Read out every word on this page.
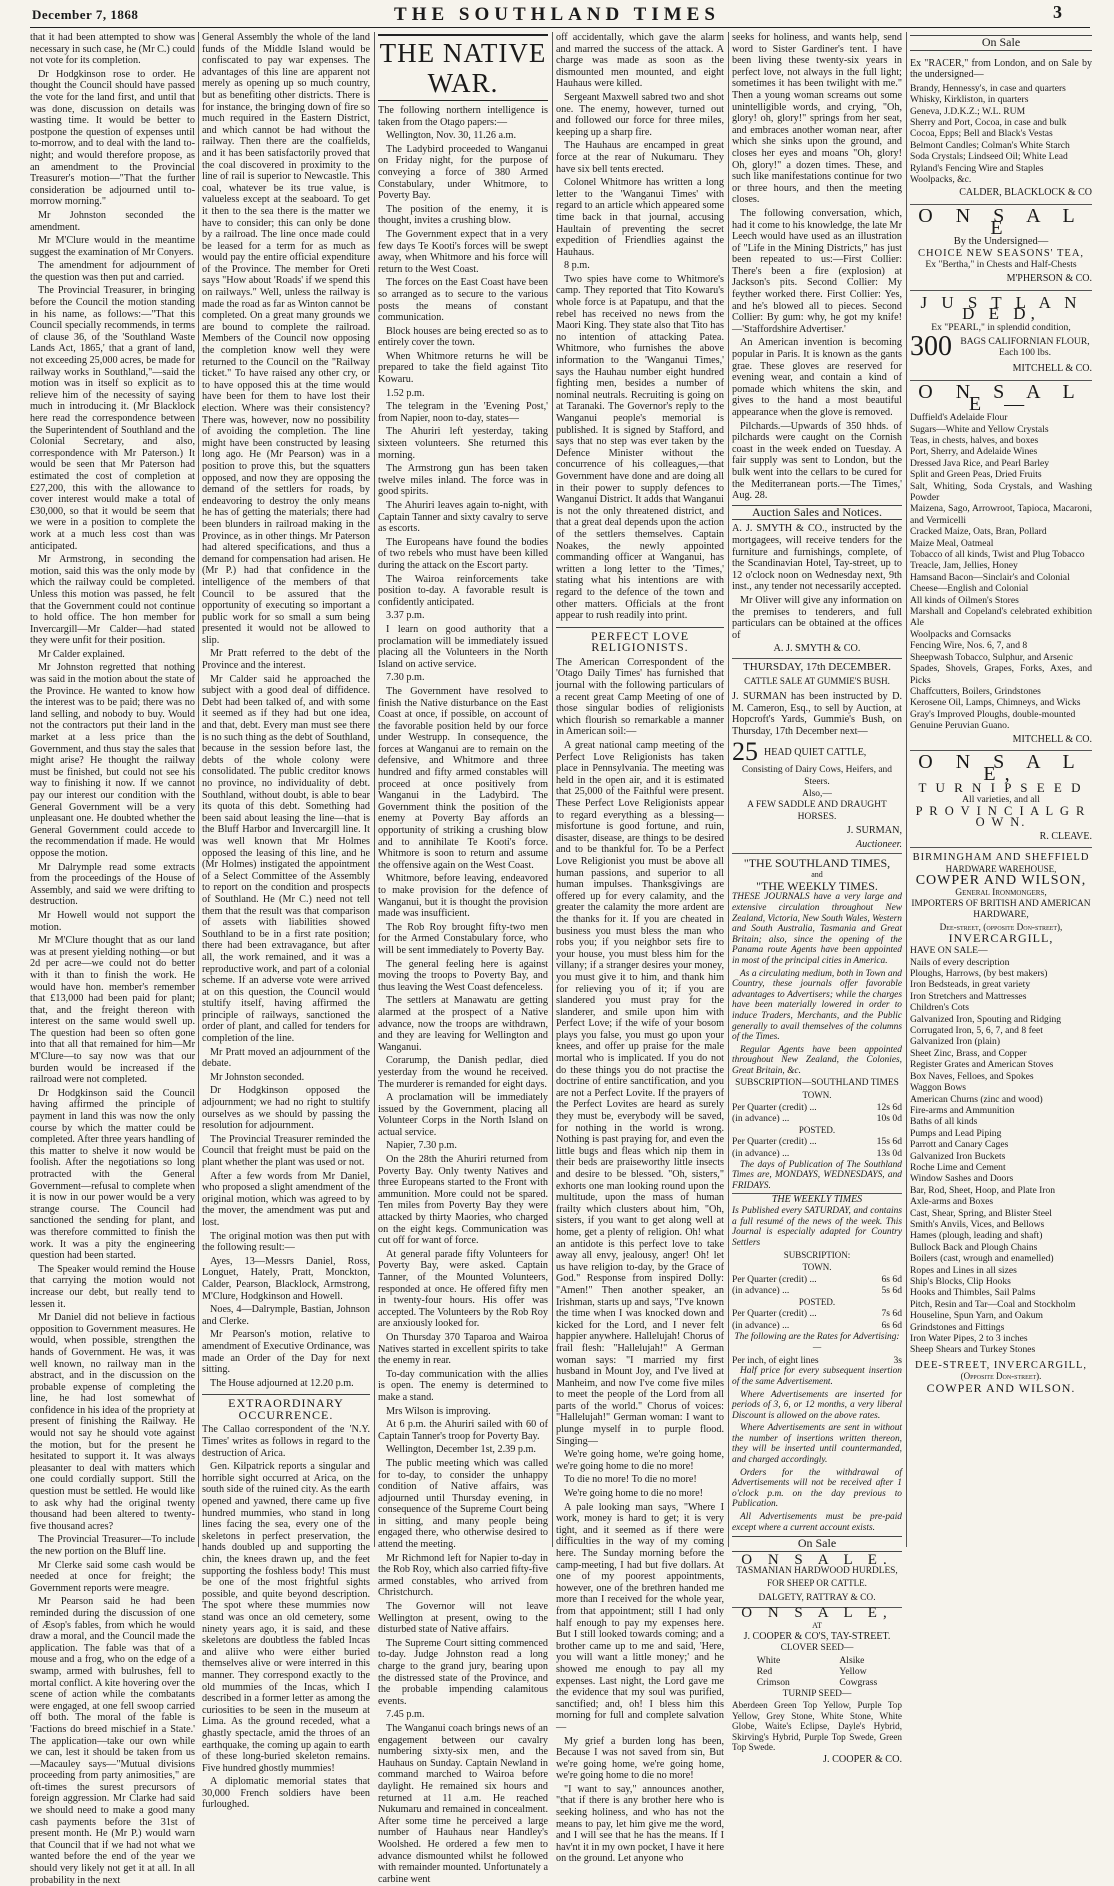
December 7, 1868	THE SOUTHLAND TIMES	3

that it had been attempted to show was necessary in such case, he (Mr C.) could not vote for its completion.

Dr Hodgkinson rose to order. He thought the Council should have passed the vote for the land first, and until that was done, discussion on details was wasting time. It would be better to postpone the question of expenses until to-morrow, and to deal with the land to-night; and would therefore propose, as an amendment to the Provincial Treasurer's motion—"That the further consideration be adjourned until to-morrow morning."

Mr Johnston seconded the amendment.

Mr M'Clure would in the meantime suggest the examination of Mr Conyers.

The amendment for adjournment of the question was then put and carried.

The Provincial Treasurer, in bringing before the Council the motion standing in his name, as follows:—"That this Council specially recommends, in terms of clause 36, of the 'Southland Waste Lands Act, 1865,' that a grant of land, not exceeding 25,000 acres, be made for railway works in Southland,"—said the motion was in itself so explicit as to relieve him of the necessity of saying much in introducing it. (Mr Blacklock here read the correspondence between the Superintendent of Southland and the Colonial Secretary, and also, correspondence with Mr Paterson.) It would be seen that Mr Paterson had estimated the cost of completion at £27,200, this with the allowance to cover interest would make a total of £30,000, so that it would be seem that we were in a position to complete the work at a much less cost than was anticipated.

Mr Armstrong, in seconding the motion, said this was the only mode by which the railway could be completed. Unless this motion was passed, he felt that the Government could not continue to hold office. The hon member for Invercargill—Mr Calder—had stated they were unfit for their position.

Mr Calder explained.

Mr Johnston regretted that nothing was said in the motion about the state of the Province. He wanted to know how the interest was to be paid; there was no land selling, and nobody to buy. Would not the contractors put their land in the market at a less price than the Government, and thus stay the sales that might arise? He thought the railway must be finished, but could not see his way to finishing it now. If we cannot pay our interest our condition with the General Government will be a very unpleasant one. He doubted whether the General Government could accede to the recommendation if made. He would oppose the motion.

Mr Dalrymple read some extracts from the proceedings of the House of Assembly, and said we were drifting to destruction.

Mr Howell would not support the motion.

Mr M'Clure thought that as our land was at present yielding nothing—or but 2d per acre—we could not do better with it than to finish the work. He would have hon. member's remember that £13,000 had been paid for plant; that, and the freight thereon with interest on the same would swell up. The question had been so often gone into that all that remained for him—Mr M'Clure—to say now was that our burden would be increased if the railroad were not completed.

Dr Hodgkinson said the Council having affirmed the principle of payment in land this was now the only course by which the matter could be completed. After three years handling of this matter to shelve it now would be foolish. After the negotiations so long protracted with the General Government—refusal to complete when it is now in our power would be a very strange course. The Council had sanctioned the sending for plant, and was therefore committed to finish the work. It was a pity the engineering question had been started.

The Speaker would remind the House that carrying the motion would not increase our debt, but really tend to lessen it.

Mr Daniel did not believe in factious opposition to Government measures. He would, when possible, strengthen the hands of Government. He was, it was well known, no railway man in the abstract, and in the discussion on the probable expense of completing the line, he had lost somewhat of confidence in his idea of the propriety at present of finishing the Railway. He would not say he should vote against the motion, but for the present he hesitated to support it. It was always pleasanter to deal with matters which one could cordially support. Still the question must be settled. He would like to ask why had the original twenty thousand had been altered to twenty-five thousand acres?

The Provincial Treasurer—To include the new portion on the Bluff line.

Mr Clerke said some cash would be needed at once for freight; the Government reports were meagre.

Mr Pearson said he had been reminded during the discussion of one of Æsop's fables, from which he would draw a moral, and the Council made the application. The fable was that of a mouse and a frog, who on the edge of a swamp, armed with bulrushes, fell to mortal conflict. A kite hovering over the scene of action while the combatants were engaged, at one fell swoop carried off both. The moral of the fable is 'Factions do breed mischief in a State.' The application—take our own while we can, lest it should be taken from us—Macauley says—"Mutual divisions proceeding from party animosities," are oft-times the surest precursors of foreign aggression. Mr Clarke had said we should need to make a good many cash payments before the 31st of present month. He (Mr P.) would warn that Council that if we had not what we wanted before the end of the year we should very likely not get it at all. In all probability in the next

General Assembly the whole of the land funds of the Middle Island would be confiscated to pay war expenses. The advantages of this line are apparent not merely as opening up so much country, but as benefiting other districts. There is for instance, the bringing down of fire so much required in the Eastern District, and which cannot be had without the railway. Then there are the coalfields, and it has been satisfactorily proved that the coal discovered in proximity to the line of rail is superior to Newcastle. This coal, whatever be its true value, is valueless except at the seaboard. To get it then to the sea there is the matter we have to consider; this can only be done by a railroad. The line once made could be leased for a term for as much as would pay the entire official expenditure of the Province. The member for Oreti says "How about 'Roads' if we spend this on railways." Well, unless the railway is made the road as far as Winton cannot be completed. On a great many grounds we are bound to complete the railroad. Members of the Council now opposing the completion know well they were returned to the Council on the "Railway ticket." To have raised any other cry, or to have opposed this at the time would have been for them to have lost their election. Where was their consistency? There was, however, now no possibility of avoiding the completion. The line might have been constructed by leasing long ago. He (Mr Pearson) was in a position to prove this, but the squatters opposed, and now they are opposing the demand of the settlers for roads, by endeavoring to destroy the only means he has of getting the materials; there had been blunders in railroad making in the Province, as in other things. Mr Paterson had altered specifications, and thus a demand for compensation had arisen. He (Mr P.) had that confidence in the intelligence of the members of that Council to be assured that the opportunity of executing so important a public work for so small a sum being presented it would not be allowed to slip.

Mr Pratt referred to the debt of the Province and the interest.

Mr Calder said he approached the subject with a good deal of diffidence. Debt had been talked of, and with some it seemed as if they had but one idea, and that, debt. Every man must see there is no such thing as the debt of Southland, because in the session before last, the debts of the whole colony were consolidated. The public creditor knows no province, no individuality of debt. Southland, without doubt, is able to bear its quota of this debt. Something had been said about leasing the line—that is the Bluff Harbor and Invercargill line. It was well known that Mr Holmes opposed the leasing of this line, and he (Mr Holmes) instigated the appointment of a Select Committee of the Assembly to report on the condition and prospects of Southland. He (Mr C.) need not tell them that the result was that comparison of assets with liabilities showed Southland to be in a first rate position; there had been extravagance, but after all, the work remained, and it was a reproductive work, and part of a colonial scheme. If an adverse vote were arrived at on this question, the Council would stultify itself, having affirmed the principle of railways, sanctioned the order of plant, and called for tenders for completion of the line.

Mr Pratt moved an adjournment of the debate.

Mr Johnston seconded.

Dr Hodgkinson opposed the adjournment; we had no right to stultify ourselves as we should by passing the resolution for adjournment.

The Provincial Treasurer reminded the Council that freight must be paid on the plant whether the plant was used or not.

After a few words from Mr Daniel, who proposed a slight amendment of the original motion, which was agreed to by the mover, the amendment was put and lost.

The original motion was then put with the following result:—

Ayes, 13—Messrs Daniel, Ross, Longuet, Hately, Pratt, Monckton, Calder, Pearson, Blacklock, Armstrong, M'Clure, Hodgkinson and Howell.

Noes, 4—Dalrymple, Bastian, Johnson and Clerke.

Mr Pearson's motion, relative to amendment of Executive Ordinance, was made an Order of the Day for next sitting.

The House adjourned at 12.20 p.m.

EXTRAORDINARY OCCURRENCE.

The Callao correspondent of the 'N.Y. Times' writes as follows in regard to the destruction of Arica.

Gen. Kilpatrick reports a singular and horrible sight occurred at Arica, on the south side of the ruined city. As the earth opened and yawned, there came up five hundred mummies, who stand in long lines facing the sea, every one of the skeletons in perfect preservation, the hands doubled up and supporting the chin, the knees drawn up, and the feet supporting the foshless body! This must be one of the most frightful sights possible, and quite beyond description. The spot where these mummies now stand was once an old cemetery, some ninety years ago, it is said, and these skeletons are doubtless the fabled Incas and aliive who were either buried themselves alive or were interred in this manner. They correspond exactly to the old mummies of the Incas, which I described in a former letter as among the curiosities to be seen in the museum at Lima. As the ground receded, what a ghastly spectacle, amid the throes of an earthquake, the coming up again to earth of these long-buried skeleton remains. Five hundred ghostly mummies!

A diplomatic memorial states that 30,000 French soldiers have been furloughed.

THE NATIVE WAR.

The following northern intelligence is taken from the Otago papers:—

Wellington, Nov. 30, 11.26 a.m.

The Ladybird proceeded to Wanganui on Friday night, for the purpose of conveying a force of 380 Armed Constabulary, under Whitmore, to Poverty Bay.

The position of the enemy, it is thought, invites a crushing blow.

The Government expect that in a very few days Te Kooti's forces will be swept away, when Whitmore and his force will return to the West Coast.

The forces on the East Coast have been so arranged as to secure to the various posts the means of constant communication.

Block houses are being erected so as to entirely cover the town.

When Whitmore returns he will be prepared to take the field against Tito Kowaru.

1.52 p.m.

The telegram in the 'Evening Post,' from Napier, noon to-day, states—

The Ahuriri left yesterday, taking sixteen volunteers. She returned this morning.

The Armstrong gun has been taken twelve miles inland. The force was in good spirits.

The Ahuriri leaves again to-night, with Captain Tanner and sixty cavalry to serve as escorts.

The Europeans have found the bodies of two rebels who must have been killed during the attack on the Escort party.

The Wairoa reinforcements take position to-day. A favorable result is confidently anticipated.

3.37 p.m.

I learn on good authority that a proclamation will be immediately issued placing all the Volunteers in the North Island on active service.

7.30 p.m.

The Government have resolved to finish the Native disturbance on the East Coast at once, if possible, on account of the favorable position held by our force under Westrupp. In consequence, the forces at Wanganui are to remain on the defensive, and Whitmore and three hundred and fifty armed constables will proceed at once positively from Wanganui in the Ladybird. The Government think the position of the enemy at Poverty Bay affords an opportunity of striking a crushing blow and to annihilate Te Kooti's force. Whitmore is soon to return and assume the offensive again on the West Coast.

Whitmore, before leaving, endeavored to make provision for the defence of Wanganui, but it is thought the provision made was insufficient.

The Rob Roy brought fifty-two men for the Armed Constabulary force, who will be sent immediately to Poverty Bay.

The general feeling here is against moving the troops to Poverty Bay, and thus leaving the West Coast defenceless.

The settlers at Manawatu are getting alarmed at the prospect of a Native advance, now the troops are withdrawn, and they are leaving for Wellington and Wanganui.

Corarump, the Danish pedlar, died yesterday from the wound he received. The murderer is remanded for eight days.

A proclamation will be immediately issued by the Government, placing all Volunteer Corps in the North Island on actual service.

Napier, 7.30 p.m.

On the 28th the Ahuriri returned from Poverty Bay. Only twenty Natives and three Europeans started to the Front with ammunition. More could not be spared. Ten miles from Poverty Bay they were attacked by thirty Maories, who charged on the eight kegs. Communication was cut off for want of force.

At general parade fifty Volunteers for Poverty Bay, were asked. Captain Tanner, of the Mounted Volunteers, responded at once. He offered fifty men in twenty-four hours. His offer was accepted. The Volunteers by the Rob Roy are anxiously looked for.

On Thursday 370 Taparoa and Wairoa Natives started in excellent spirits to take the enemy in rear.

To-day communication with the allies is open. The enemy is determined to make a stand.

Mrs Wilson is improving.

At 6 p.m. the Ahuriri sailed with 60 of Captain Tanner's troop for Poverty Bay.

Wellington, December 1st, 2.39 p.m.

The public meeting which was called for to-day, to consider the unhappy condition of Native affairs, was adjourned until Thursday evening, in consequence of the Supreme Court being in sitting, and many people being engaged there, who otherwise desired to attend the meeting.

Mr Richmond left for Napier to-day in the Rob Roy, which also carried fifty-five armed constables, who arrived from Christchurch.

The Governor will not leave Wellington at present, owing to the disturbed state of Native affairs.

The Supreme Court sitting commenced to-day. Judge Johnston read a long charge to the grand jury, bearing upon the distressed state of the Province, and the probable impending calamitous events.

7.45 p.m.

The Wanganui coach brings news of an engagement between our cavalry numbering sixty-six men, and the Hauhaus on Sunday. Captain Newland in command marched to Wairoa before daylight. He remained six hours and returned at 11 a.m. He reached Nukumaru and remained in concealment. After some time he perceived a large number of Hauhaus near Handley's Woolshed. He ordered a few men to advance dismounted whilst he followed with remainder mounted. Unfortunately a carbine went

off accidentally, which gave the alarm and marred the success of the attack. A charge was made as soon as the dismounted men mounted, and eight Hauhaus were killed.

Sergeant Maxwell sabred two and shot one. The enemy, however, turned out and followed our force for three miles, keeping up a sharp fire.

The Hauhaus are encamped in great force at the rear of Nukumaru. They have six bell tents erected.

Colonel Whitmore has written a long letter to the 'Wanganui Times' with regard to an article which appeared some time back in that journal, accusing Haultain of preventing the secret expedition of Friendlies against the Hauhaus.

8 p.m.

Two spies have come to Whitmore's camp. They reported that Tito Kowaru's whole force is at Papatupu, and that the rebel has received no news from the Maori King. They state also that Tito has no intention of attacking Patea. Whitmore, who furnishes the above information to the 'Wanganui Times,' says the Hauhau number eight hundred fighting men, besides a number of nominal neutrals. Recruiting is going on at Taranaki. The Governor's reply to the Wanganui people's memorial is published. It is signed by Stafford, and says that no step was ever taken by the Defence Minister without the concurrence of his colleagues,—that Government have done and are doing all in their power to supply defences to Wanganui District. It adds that Wanganui is not the only threatened district, and that a great deal depends upon the action of the settlers themselves. Captain Noakes, the newly appointed commanding officer at Wanganui, has written a long letter to the 'Times,' stating what his intentions are with regard to the defence of the town and other matters. Officials at the front appear to rush readily into print.

PERFECT LOVE RELIGIONISTS.

The American Correspondent of the 'Otago Daily Times' has furnished that journal with the following particulars of a recent great Camp Meeting of one of those singular bodies of religionists which flourish so remarkable a manner in American soil:—

A great national camp meeting of the Perfect Love Religionists has taken place in Pennsylvania. The meeting was held in the open air, and it is estimated that 25,000 of the Faithful were present. These Perfect Love Religionists appear to regard everything as a blessing—misfortune is good fortune, and ruin, disaster, disease, are things to be desired and to be thankful for. To be a Perfect Love Religionist you must be above all human passions, and superior to all human impulses. Thanksgivings are offered up for every calamity, and the greater the calamity the more ardent are the thanks for it. If you are cheated in business you must bless the man who robs you; if you neighbor sets fire to your house, you must bless him for the villany; if a stranger desires your money, you must give it to him, and thank him for relieving you of it; if you are slandered you must pray for the slanderer, and smile upon him with Perfect Love; if the wife of your bosom plays you false, you must go upon your knees, and offer up praise for the male mortal who is implicated. If you do not do these things you do not practise the doctrine of entire sanctification, and you are not a Perfect Lovite. If the prayers of the Perfect Lovites are heard as surely they must be, everybody will be saved, for nothing in the world is wrong. Nothing is past praying for, and even the little bugs and fleas which nip them in their beds are praiseworthy little insects and desire to be blessed. "Oh, sisters," exhorts one man looking round upon the multitude, upon the mass of human frailty which clusters about him, "Oh, sisters, if you want to get along well at home, get a plenty of religion. Oh! what an antidote is this perfect love to take away all envy, jealousy, anger! Oh! let us have religion to-day, by the Grace of God." Response from inspired Dolly: "Amen!" Then another speaker, an Irishman, starts up and says, "I've known the time when I was knocked down and kicked for the Lord, and I never felt happier anywhere. Hallelujah! Chorus of frail flesh: "Hallelujah!" A German woman says: "I married my first husband in Mount Joy, and I've lived at Manheim, and now I've come five miles to meet the people of the Lord from all parts of the world." Chorus of voices: "Hallelujah!" German woman: I want to plunge myself in to purple flood. Singing—

We're going home, we're going home, we're going home to die no more!

To die no more! To die no more!

We're going home to die no more!

A pale looking man says, "Where I work, money is hard to get; it is very tight, and it seemed as if there were difficulties in the way of my coming here. The Sunday morning before the camp-meeting, I had but five dollars. At one of my poorest appointments, however, one of the brethren handed me more than I received for the whole year, from that appointment; still I had only half enough to pay my expenses here. But I still looked towards coming; and a brother came up to me and said, 'Here, you will want a little money;' and he showed me enough to pay all my expenses. Last night, the Lord gave me the evidence that my soul was purified, sanctified; and, oh! I bless him this morning for full and complete salvation—

My grief a burden long has been, Because I was not saved from sin, But we're going home, we're going home, we're going home to die no more!

"I want to say," announces another, "that if there is any brother here who is seeking holiness, and who has not the means to pay, let him give me the word, and I will see that he has the means. If I hav'nt it in my own pocket, I have it here on the ground. Let anyone who

seeks for holiness, and wants help, send word to Sister Gardiner's tent. I have been living these twenty-six years in perfect love, not always in the full light; sometimes it has been twilight with me." Then a young woman screams out some unintelligible words, and crying, "Oh, glory! oh, glory!" springs from her seat, and embraces another woman near, after which she sinks upon the ground, and closes her eyes and moans "Oh, glory! Oh, glory!" a dozen times. These, and such like manifestations continue for two or three hours, and then the meeting closes.

The following conversation, which, had it come to his knowledge, the late Mr Leech would have used as an illustration of "Life in the Mining Districts," has just been repeated to us:—First Collier: There's been a fire (explosion) at Jackson's pits. Second Collier: My feyther worked there. First Collier: Yes, and he's blowed all to pieces. Second Collier: By gum: why, he got my knife!—'Staffordshire Advertiser.'

An American invention is becoming popular in Paris. It is known as the gants grae. These gloves are reserved for evening wear, and contain a kind of pomade which whitens the skin, and gives to the hand a most beautiful appearance when the glove is removed.

Pilchards.—Upwards of 350 hhds. of pilchards were caught on the Cornish coast in the week ended on Tuesday. A fair supply was sent to London, but the bulk went into the cellars to be cured for the Mediterranean ports.—The Times,' Aug. 28.

Auction Sales and Notices.

A. J. SMYTH & CO., instructed by the mortgagees, will receive tenders for the furniture and furnishings, complete, of the Scandinavian Hotel, Tay-street, up to 12 o'clock noon on Wednesday next, 9th inst., any tender not necessarily accepted.

Mr Oliver will give any information on the premises to tenderers, and full particulars can be obtained at the offices of

A. J. SMYTH & CO.
THURSDAY, 17th DECEMBER.
CATTLE SALE AT GUMMIE'S BUSH.

J. SURMAN has been instructed by D. M. Cameron, Esq., to sell by Auction, at Hopcroft's Yards, Gummie's Bush, on Thursday, 17th December next—

25 HEAD QUIET CATTLE,
Consisting of Dairy Cows, Heifers, and Steers.
Also,—
A FEW SADDLE AND DRAUGHT HORSES.
J. SURMAN,
Auctioneer.
"THE SOUTHLAND TIMES,
and
"THE WEEKLY TIMES.

THESE JOURNALS have a very large and extensive circulation throughout New Zealand, Victoria, New South Wales, Western and South Australia, Tasmania and Great Britain; also, since the opening of the Panama route Agents have been appointed in most of the principal cities in America.

As a circulating medium, both in Town and Country, these journals offer favorable advantages to Advertisers; while the charges have been materially lowered in order to induce Traders, Merchants, and the Public generally to avail themselves of the columns of the Times.

Regular Agents have been appointed throughout New Zealand, the Colonies, Great Britain, &c.

SUBSCRIPTION—SOUTHLAND TIMES
TOWN.
Per Quarter (credit) ...	12s 6d
(in advance) ...	10s 0d
POSTED.
Per Quarter (credit) ...	15s 6d
(in advance) ...	13s 0d

The days of Publication of The Southland Times are, MONDAYS, WEDNESDAYS, and FRIDAYS.

THE WEEKLY TIMES

Is Published every SATURDAY, and contains a full resumé of the news of the week. This Journal is especially adapted for Country Settlers

SUBSCRIPTION:
TOWN.
Per Quarter (credit) ...	6s 6d
(in advance) ...	5s 6d
POSTED.
Per Quarter (credit) ...	7s 6d
(in advance) ...	6s 6d
The following are the Rates for Advertising:—
Per inch, of eight lines	3s

Half price for every subsequent insertion of the same Advertisement.

Where Advertisements are inserted for periods of 3, 6, or 12 months, a very liberal Discount is allowed on the above rates.

Where Advertisements are sent in without the number of insertions written thereon, they will be inserted until countermanded, and charged accordingly.

Orders for the withdrawal of Advertisements will not be received after 1 o'clock p.m. on the day previous to Publication.

All Advertisements must be pre-paid except where a current account exists.

On Sale
O N S A L E.
TASMANIAN HARDWOOD HURDLES,
FOR SHEEP OR CATTLE.
DALGETY, RATTRAY & CO.
O N S A L E,
AT
J. COOPER & CO'S, TAY-STREET.
CLOVER SEED—
White
Red
Crimson
Alsike
Yellow
Cowgrass
TURNIP SEED—

Aberdeen Green Top Yellow, Purple Top Yellow, Grey Stone, White Stone, White Globe, Waite's Eclipse, Dayle's Hybrid, Skirving's Hybrid, Purple Top Swede, Green Top Swede.

J. COOPER & CO.
On Sale

Ex "RACER," from London, and on Sale by the undersigned—

Brandy, Hennessy's, in case and quarters
Whisky, Kirkliston, in quarters
Geneva, J.D.K.Z.; W.L. RUM
Sherry and Port, Cocoa, in case and bulk
Cocoa, Epps; Bell and Black's Vestas
Belmont Candles; Colman's White Starch
Soda Crystals; Lindseed Oil; White Lead
Ryland's Fencing Wire and Staples
Woolpacks, &c.
CALDER, BLACKLOCK & CO
O N S A L E
By the Undersigned—
CHOICE NEW SEASONS' TEA,
Ex "Bertha," in Chests and Half-Chests
M'PHERSON & CO.
J U S T L A N D E D,
Ex "PEARL," in splendid condition,
300 BAGS CALIFORNIAN FLOUR, Each 100 lbs.
MITCHELL & CO.
O N S A L E —
Duffield's Adelaide Flour
Sugars—White and Yellow Crystals
Teas, in chests, halves, and boxes
Port, Sherry, and Adelaide Wines
Dressed Java Rice, and Pearl Barley
Split and Green Peas, Dried Fruits
Salt, Whiting, Soda Crystals, and Washing Powder
Maizena, Sago, Arrowroot, Tapioca, Macaroni, and Vermicelli
Cracked Maize, Oats, Bran, Pollard
Maize Meal, Oatmeal
Tobacco of all kinds, Twist and Plug Tobacco
Treacle, Jam, Jellies, Honey
Hamsand Bacon—Sinclair's and Colonial
Cheese—English and Colonial
All kinds of Oilmen's Stores
Marshall and Copeland's celebrated exhibition Ale
Woolpacks and Cornsacks
Fencing Wire, Nos. 6, 7, and 8
Sheepwash Tobacco, Sulphur, and Arsenic
Spades, Shovels, Grapes, Forks, Axes, and Picks
Chaffcutters, Boilers, Grindstones
Kerosene Oil, Lamps, Chimneys, and Wicks
Gray's Improved Ploughs, double-mounted
Genuine Peruvian Guano.
MITCHELL & CO.
O N S A L E,
T U R N I P S E E D
All varieties, and all
P R O V I N C I A L G R O W N.
R. CLEAVE.
BIRMINGHAM AND SHEFFIELD
HARDWARE WAREHOUSE,
COWPER AND WILSON,
General Ironmongers,
IMPORTERS OF BRITISH AND AMERICAN
HARDWARE,
Dee-street, (opposite Don-street),
INVERCARGILL,
HAVE ON SALE—
Nails of every description
Ploughs, Harrows, (by best makers)
Iron Bedsteads, in great variety
Iron Stretchers and Mattresses
Children's Cots
Galvanized Iron, Spouting and Ridging
Corrugated Iron, 5, 6, 7, and 8 feet
Galvanized Iron (plain)
Sheet Zinc, Brass, and Copper
Register Grates and American Stoves
Box Naves, Felloes, and Spokes
Waggon Bows
American Churns (zinc and wood)
Fire-arms and Ammunition
Baths of all kinds
Pumps and Lead Piping
Parrott and Canary Cages
Galvanized Iron Buckets
Roche Lime and Cement
Window Sashes and Doors
Bar, Rod, Sheet, Hoop, and Plate Iron
Axle-arms and Boxes
Cast, Shear, Spring, and Blister Steel
Smith's Anvils, Vices, and Bellows
Hames (plough, leading and shaft)
Bullock Back and Plough Chains
Boilers (cast, wrough and enamelled)
Ropes and Lines in all sizes
Ship's Blocks, Clip Hooks
Hooks and Thimbles, Sail Palms
Pitch, Resin and Tar—Coal and Stockholm
Houseline, Spun Yarn, and Oakum
Grindstones and Fittings
Iron Water Pipes, 2 to 3 inches
Sheep Shears and Turkey Stones
DEE-STREET, INVERCARGILL,
(Opposite Don-street).
COWPER AND WILSON.
